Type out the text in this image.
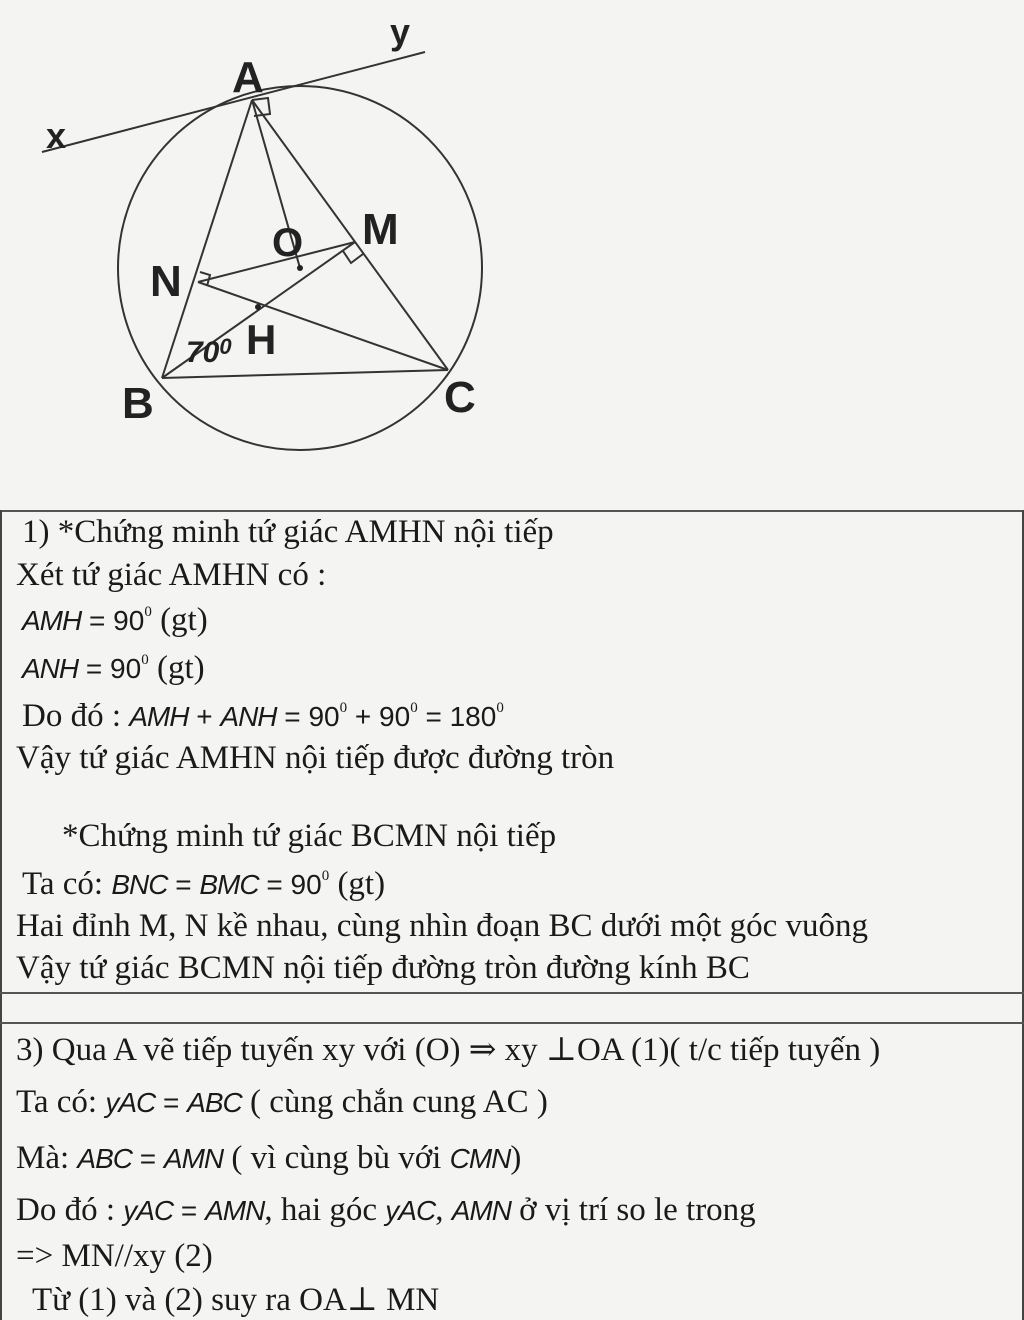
A
B	C
M
N
O
H
x
y
$70^0$
1) *Chứng minh tứ giác AMHN nội tiếp
Xét tứ giác AMHN có :
AMH = $90^0$ (gt)
ANH = $90^0$ (gt)
Do đó : AMH + ANH = $90^0 + 90^0 = 180^0$
Vậy tứ giác AMHN nội tiếp được đường tròn
*Chứng minh tứ giác BCMN nội tiếp
Ta có: BNC = BMC = $90^0$ (gt)
Hai đỉnh M, N kề nhau, cùng nhìn đoạn BC dưới một góc vuông
Vậy tứ giác BCMN nội tiếp đường tròn đường kính BC
3) Qua A vẽ tiếp tuyến xy với (O) ⇒ xy ⊥OA (1)( t/c tiếp tuyến )
Ta có: yAC = ABC ( cùng chắn cung AC )
Mà: ABC = AMN ( vì cùng bù với CMN)
Do đó : yAC = AMN, hai góc yAC, AMN ở vị trí so le trong
=> MN//xy (2)
Từ (1) và (2) suy ra OA⊥ MN
